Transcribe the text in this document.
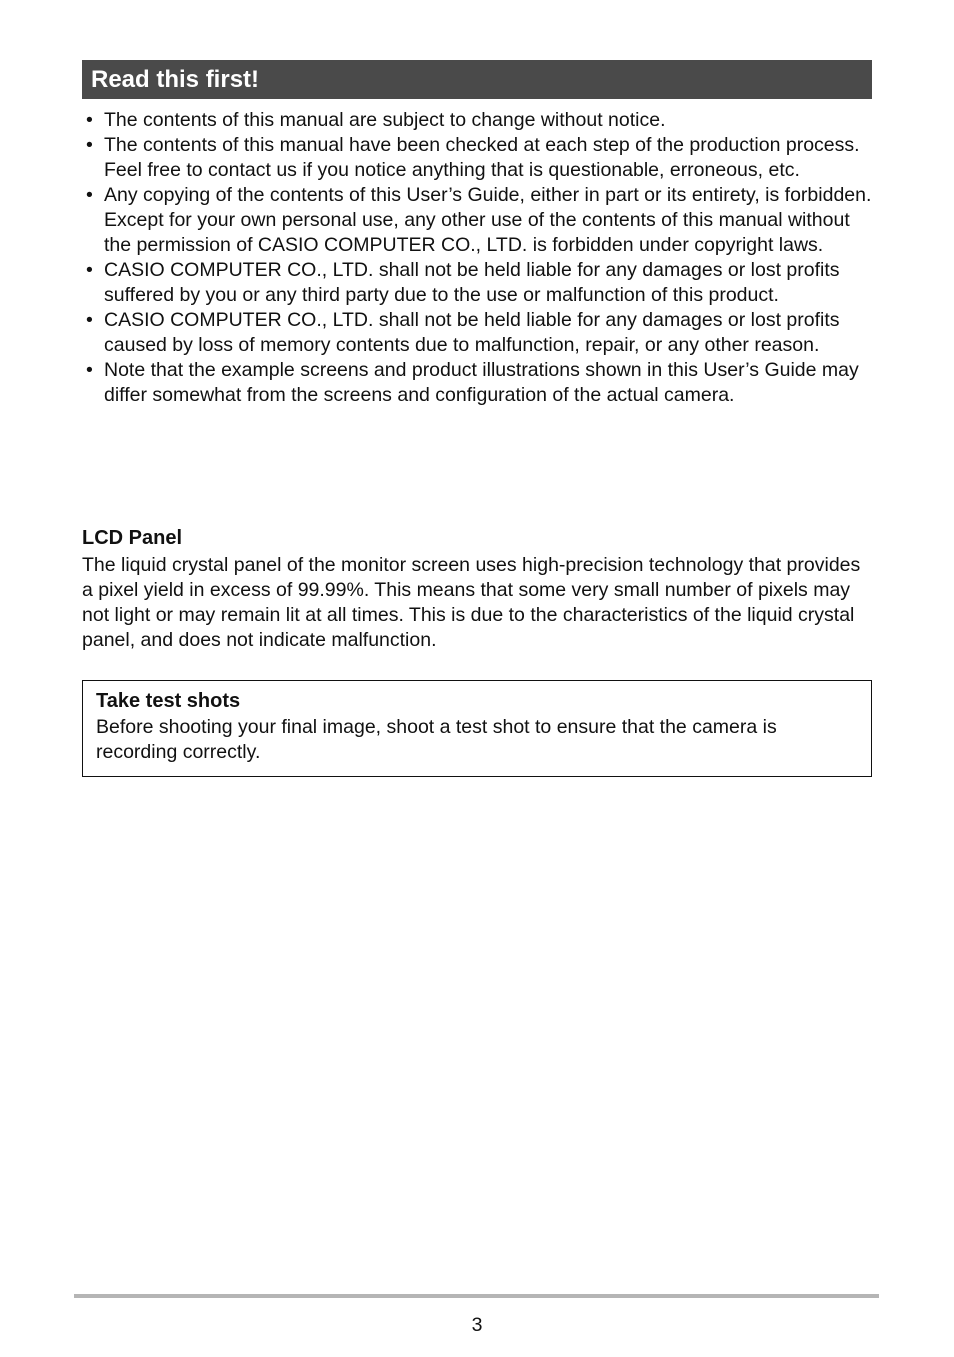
Read this first!
• The contents of this manual are subject to change without notice.
• The contents of this manual have been checked at each step of the production process. Feel free to contact us if you notice anything that is questionable, erroneous, etc.
• Any copying of the contents of this User’s Guide, either in part or its entirety, is forbidden. Except for your own personal use, any other use of the contents of this manual without the permission of CASIO COMPUTER CO., LTD. is forbidden under copyright laws.
• CASIO COMPUTER CO., LTD. shall not be held liable for any damages or lost profits suffered by you or any third party due to the use or malfunction of this product.
• CASIO COMPUTER CO., LTD. shall not be held liable for any damages or lost profits caused by loss of memory contents due to malfunction, repair, or any other reason.
• Note that the example screens and product illustrations shown in this User’s Guide may differ somewhat from the screens and configuration of the actual camera.
LCD Panel

The liquid crystal panel of the monitor screen uses high-precision technology that provides a pixel yield in excess of 99.99%. This means that some very small number of pixels may not light or may remain lit at all times. This is due to the characteristics of the liquid crystal panel, and does not indicate malfunction.

Take test shots

Before shooting your final image, shoot a test shot to ensure that the camera is recording correctly.

3
